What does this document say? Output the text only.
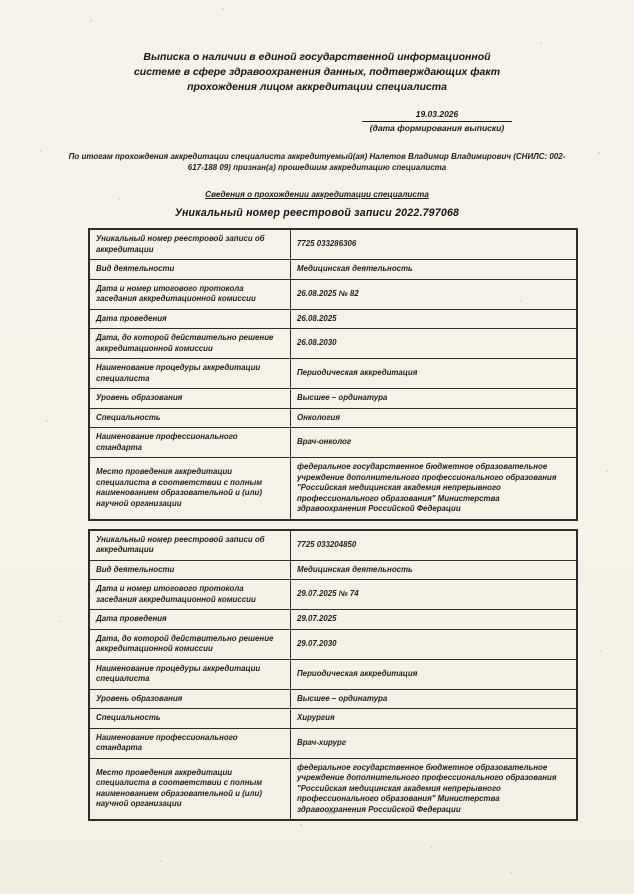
Выписка о наличии в единой государственной информационной системе в сфере здравоохранения данных, подтверждающих факт прохождения лицом аккредитации специалиста
19.03.2026
(дата формирования выписки)
По итогам прохождения аккредитации специалиста аккредитуемый(ая) Налетов Владимир Владимирович (СНИЛС: 002-617-188 09) признан(а) прошедшим аккредитацию специалиста
Сведения о прохождении аккредитации специалиста
Уникальный номер реестровой записи 2022.797068
Уникальный номер реестровой записи об аккредитации	7725 033286306
Вид деятельности	Медицинская деятельность
Дата и номер итогового протокола заседания аккредитационной комиссии	26.08.2025 № 82
Дата проведения	26.08.2025
Дата, до которой действительно решение аккредитационной комиссии	26.08.2030
Наименование процедуры аккредитации специалиста	Периодическая аккредитация
Уровень образования	Высшее – ординатура
Специальность	Онкология
Наименование профессионального стандарта	Врач-онколог
Место проведения аккредитации специалиста в соответствии с полным наименованием образовательной и (или) научной организации	федеральное государственное бюджетное образовательное учреждение дополнительного профессионального образования "Российская медицинская академия непрерывного профессионального образования" Министерства здравоохранения Российской Федерации
Уникальный номер реестровой записи об аккредитации	7725 033204850
Вид деятельности	Медицинская деятельность
Дата и номер итогового протокола заседания аккредитационной комиссии	29.07.2025 № 74
Дата проведения	29.07.2025
Дата, до которой действительно решение аккредитационной комиссии	29.07.2030
Наименование процедуры аккредитации специалиста	Периодическая аккредитация
Уровень образования	Высшее – ординатура
Специальность	Хирургия
Наименование профессионального стандарта	Врач-хирург
Место проведения аккредитации специалиста в соответствии с полным наименованием образовательной и (или) научной организации	федеральное государственное бюджетное образовательное учреждение дополнительного профессионального образования "Российская медицинская академия непрерывного профессионального образования" Министерства здравоохранения Российской Федерации
